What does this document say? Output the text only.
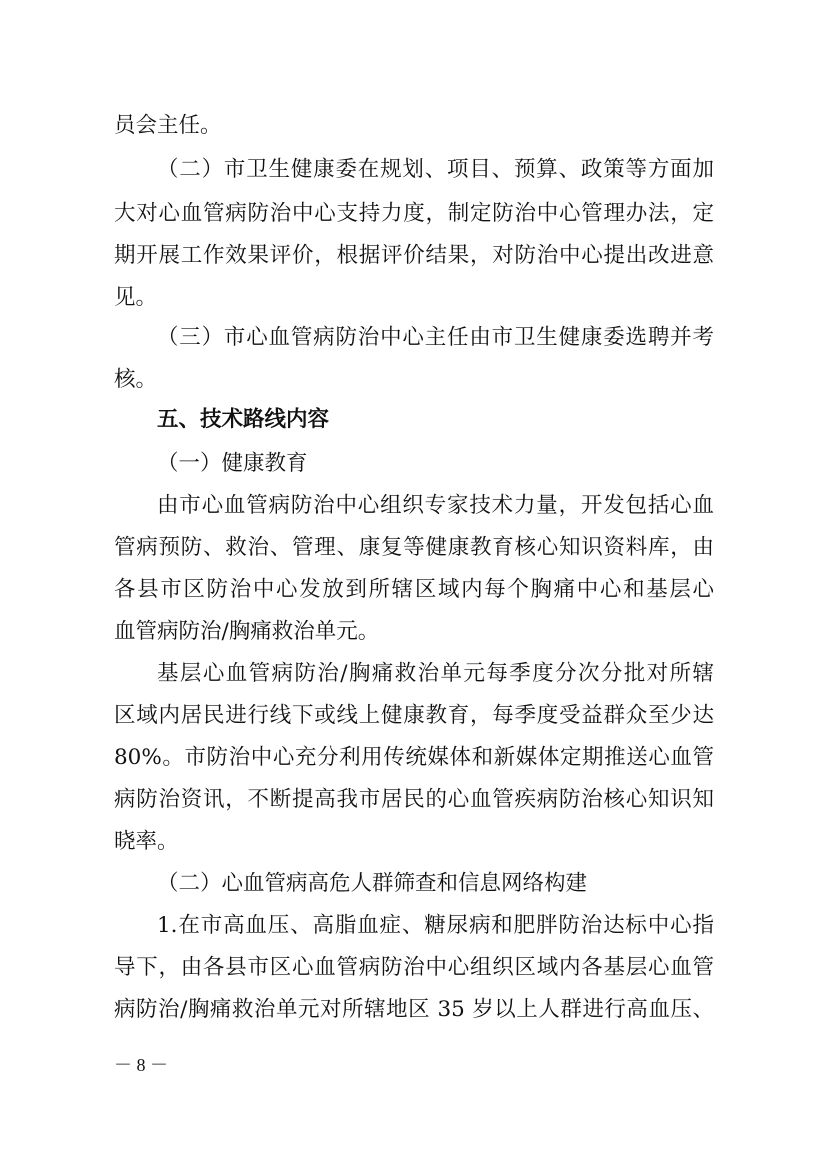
员会主任。
（二）市卫生健康委在规划、项目、预算、政策等方面加
大对心血管病防治中心支持力度，制定防治中心管理办法，定
期开展工作效果评价，根据评价结果，对防治中心提出改进意
见。
（三）市心血管病防治中心主任由市卫生健康委选聘并考
核。
五、技术路线内容
（一）健康教育
由市心血管病防治中心组织专家技术力量，开发包括心血
管病预防、救治、管理、康复等健康教育核心知识资料库，由
各县市区防治中心发放到所辖区域内每个胸痛中心和基层心
血管病防治/胸痛救治单元。
基层心血管病防治/胸痛救治单元每季度分次分批对所辖
区域内居民进行线下或线上健康教育，每季度受益群众至少达
80%。市防治中心充分利用传统媒体和新媒体定期推送心血管
病防治资讯，不断提高我市居民的心血管疾病防治核心知识知
晓率。
（二）心血管病高危人群筛查和信息网络构建
1.在市高血压、高脂血症、糖尿病和肥胖防治达标中心指
导下，由各县市区心血管病防治中心组织区域内各基层心血管
病防治/胸痛救治单元对所辖地区 35 岁以上人群进行高血压、
－ 8 －
